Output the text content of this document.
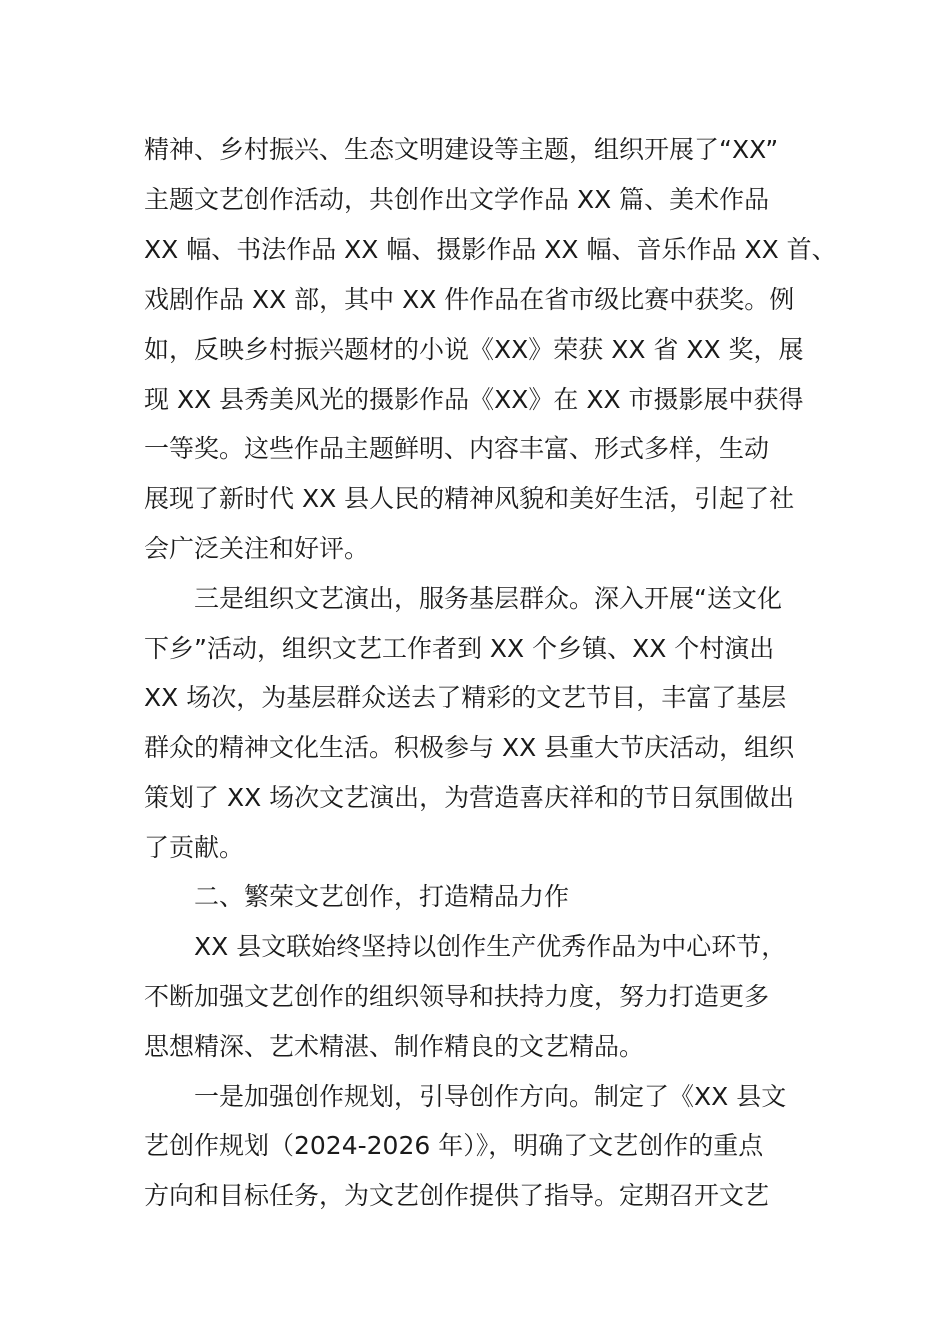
精神、乡村振兴、生态文明建设等主题，组织开展了“XX”
主题文艺创作活动，共创作出文学作品 XX 篇、美术作品
XX 幅、书法作品 XX 幅、摄影作品 XX 幅、音乐作品 XX 首、
戏剧作品 XX 部，其中 XX 件作品在省市级比赛中获奖。例
如，反映乡村振兴题材的小说《XX》荣获 XX 省 XX 奖，展
现 XX 县秀美风光的摄影作品《XX》在 XX 市摄影展中获得
一等奖。这些作品主题鲜明、内容丰富、形式多样，生动
展现了新时代 XX 县人民的精神风貌和美好生活，引起了社
会广泛关注和好评。
三是组织文艺演出，服务基层群众。深入开展“送文化
下乡”活动，组织文艺工作者到 XX 个乡镇、XX 个村演出
XX 场次，为基层群众送去了精彩的文艺节目，丰富了基层
群众的精神文化生活。积极参与 XX 县重大节庆活动，组织
策划了 XX 场次文艺演出，为营造喜庆祥和的节日氛围做出
了贡献。
二、繁荣文艺创作，打造精品力作
XX 县文联始终坚持以创作生产优秀作品为中心环节，
不断加强文艺创作的组织领导和扶持力度，努力打造更多
思想精深、艺术精湛、制作精良的文艺精品。
一是加强创作规划，引导创作方向。制定了《XX 县文
艺创作规划（2024-2026 年）》，明确了文艺创作的重点
方向和目标任务，为文艺创作提供了指导。定期召开文艺
